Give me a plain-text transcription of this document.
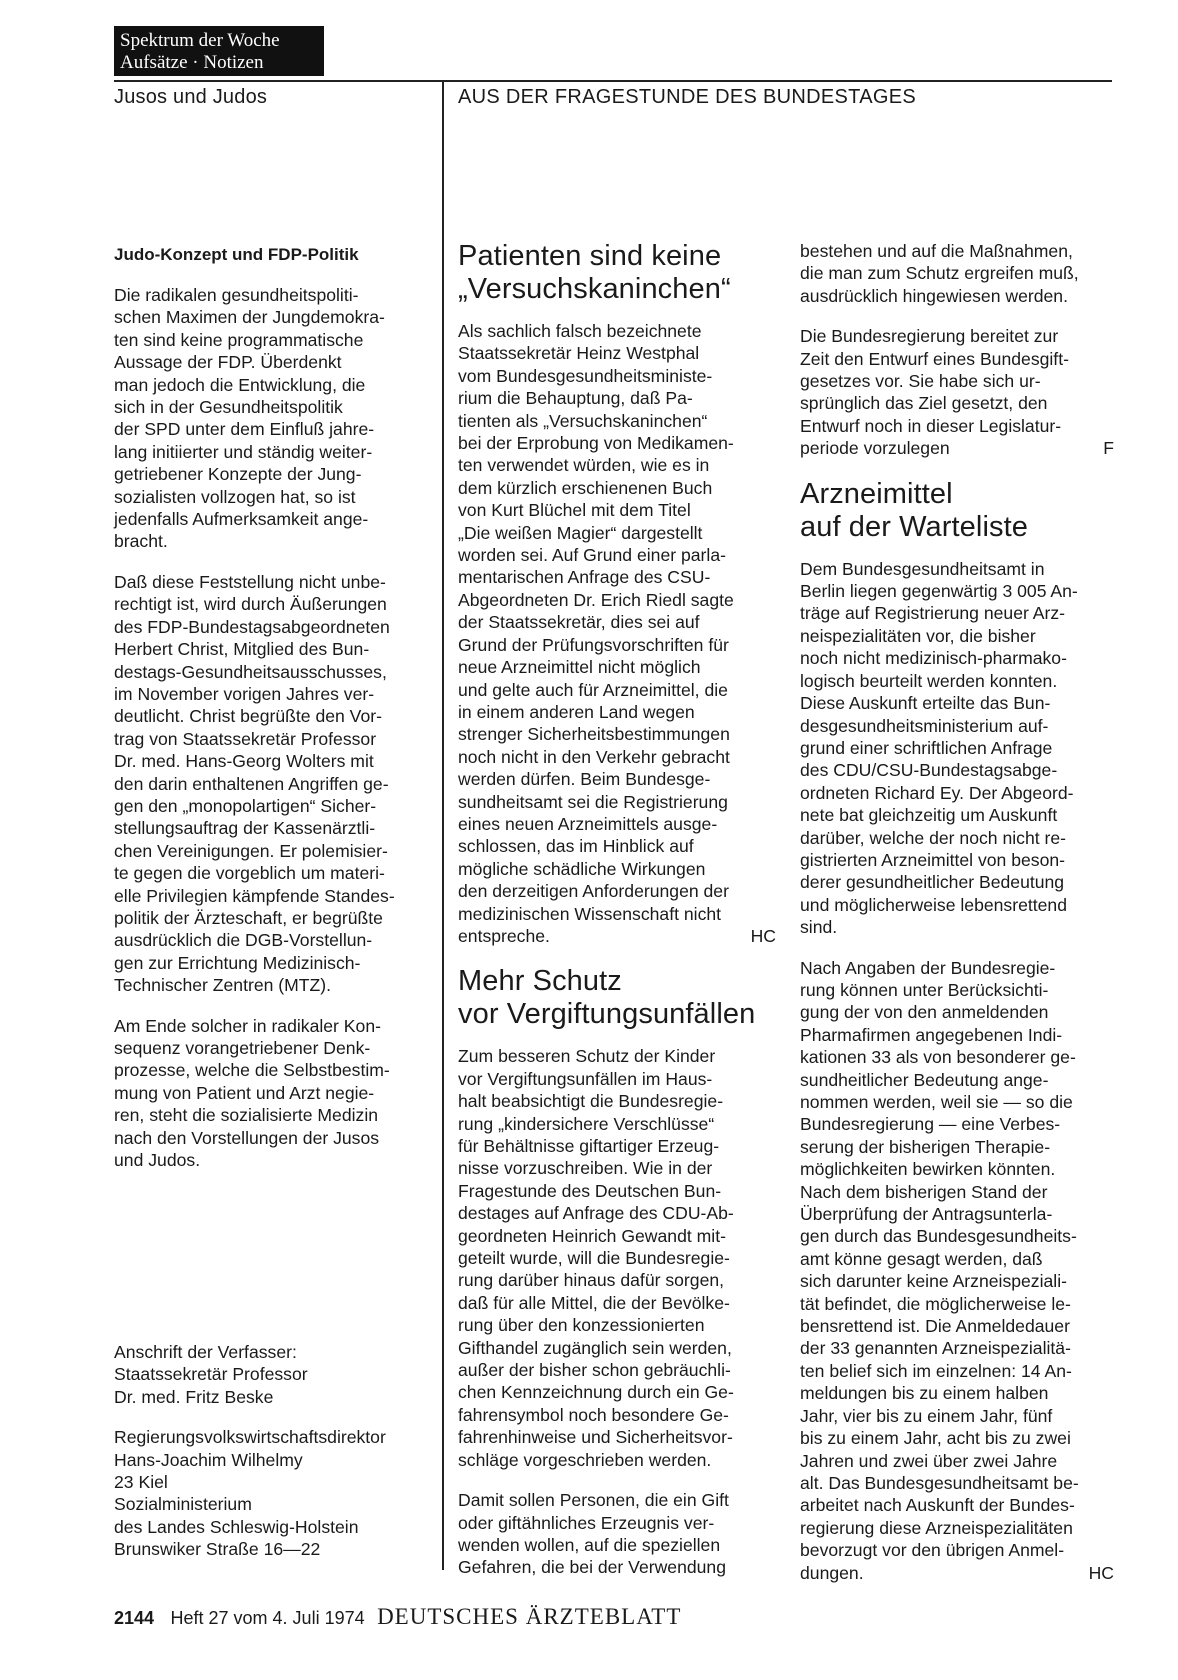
Spektrum der Woche
Aufsätze · Notizen
Jusos und Judos	AUS DER FRAGESTUNDE DES BUNDESTAGES
Judo-Konzept und FDP-Politik

Die radikalen gesundheitspoliti-
schen Maximen der Jungdemokra-
ten sind keine programmatische
Aussage der FDP. Überdenkt
man jedoch die Entwicklung, die
sich in der Gesundheitspolitik
der SPD unter dem Einfluß jahre-
lang initiierter und ständig weiter-
getriebener Konzepte der Jung-
sozialisten vollzogen hat, so ist
jedenfalls Aufmerksamkeit ange-
bracht.

Daß diese Feststellung nicht unbe-
rechtigt ist, wird durch Äußerungen
des FDP-Bundestagsabgeordneten
Herbert Christ, Mitglied des Bun-
destags-Gesundheitsausschusses,
im November vorigen Jahres ver-
deutlicht. Christ begrüßte den Vor-
trag von Staatssekretär Professor
Dr. med. Hans-Georg Wolters mit
den darin enthaltenen Angriffen ge-
gen den „monopolartigen“ Sicher-
stellungsauftrag der Kassenärztli-
chen Vereinigungen. Er polemisier-
te gegen die vorgeblich um materi-
elle Privilegien kämpfende Standes-
politik der Ärzteschaft, er begrüßte
ausdrücklich die DGB-Vorstellun-
gen zur Errichtung Medizinisch-
Technischer Zentren (MTZ).

Am Ende solcher in radikaler Kon-
sequenz vorangetriebener Denk-
prozesse, welche die Selbstbestim-
mung von Patient und Arzt negie-
ren, steht die sozialisierte Medizin
nach den Vorstellungen der Jusos
und Judos.

Anschrift der Verfasser:
Staatssekretär Professor
Dr. med. Fritz Beske

Regierungsvolkswirtschaftsdirektor
Hans-Joachim Wilhelmy
23 Kiel
Sozialministerium
des Landes Schleswig-Holstein
Brunswiker Straße 16—22

Patienten sind keine
„Versuchskaninchen“

Als sachlich falsch bezeichnete
Staatssekretär Heinz Westphal
vom Bundesgesundheitsministe-
rium die Behauptung, daß Pa-
tienten als „Versuchskaninchen“
bei der Erprobung von Medikamen-
ten verwendet würden, wie es in
dem kürzlich erschienenen Buch
von Kurt Blüchel mit dem Titel
„Die weißen Magier“ dargestellt
worden sei. Auf Grund einer parla-
mentarischen Anfrage des CSU-
Abgeordneten Dr. Erich Riedl sagte
der Staatssekretär, dies sei auf
Grund der Prüfungsvorschriften für
neue Arzneimittel nicht möglich
und gelte auch für Arzneimittel, die
in einem anderen Land wegen
strenger Sicherheitsbestimmungen
noch nicht in den Verkehr gebracht
werden dürfen. Beim Bundesge-
sundheitsamt sei die Registrierung
eines neuen Arzneimittels ausge-
schlossen, das im Hinblick auf
mögliche schädliche Wirkungen
den derzeitigen Anforderungen der
medizinischen Wissenschaft nicht
entspreche.	HC

Mehr Schutz
vor Vergiftungsunfällen

Zum besseren Schutz der Kinder
vor Vergiftungsunfällen im Haus-
halt beabsichtigt die Bundesregie-
rung „kindersichere Verschlüsse“
für Behältnisse giftartiger Erzeug-
nisse vorzuschreiben. Wie in der
Fragestunde des Deutschen Bun-
destages auf Anfrage des CDU-Ab-
geordneten Heinrich Gewandt mit-
geteilt wurde, will die Bundesregie-
rung darüber hinaus dafür sorgen,
daß für alle Mittel, die der Bevölke-
rung über den konzessionierten
Gifthandel zugänglich sein werden,
außer der bisher schon gebräuchli-
chen Kennzeichnung durch ein Ge-
fahrensymbol noch besondere Ge-
fahrenhinweise und Sicherheitsvor-
schläge vorgeschrieben werden.

Damit sollen Personen, die ein Gift
oder giftähnliches Erzeugnis ver-
wenden wollen, auf die speziellen
Gefahren, die bei der Verwendung

bestehen und auf die Maßnahmen,
die man zum Schutz ergreifen muß,
ausdrücklich hingewiesen werden.

Die Bundesregierung bereitet zur
Zeit den Entwurf eines Bundesgift-
gesetzes vor. Sie habe sich ur-
sprünglich das Ziel gesetzt, den
Entwurf noch in dieser Legislatur-
periode vorzulegen	F

Arzneimittel
auf der Warteliste

Dem Bundesgesundheitsamt in
Berlin liegen gegenwärtig 3 005 An-
träge auf Registrierung neuer Arz-
neispezialitäten vor, die bisher
noch nicht medizinisch-pharmako-
logisch beurteilt werden konnten.
Diese Auskunft erteilte das Bun-
desgesundheitsministerium auf-
grund einer schriftlichen Anfrage
des CDU/CSU-Bundestagsabge-
ordneten Richard Ey. Der Abgeord-
nete bat gleichzeitig um Auskunft
darüber, welche der noch nicht re-
gistrierten Arzneimittel von beson-
derer gesundheitlicher Bedeutung
und möglicherweise lebensrettend
sind.

Nach Angaben der Bundesregie-
rung können unter Berücksichti-
gung der von den anmeldenden
Pharmafirmen angegebenen Indi-
kationen 33 als von besonderer ge-
sundheitlicher Bedeutung ange-
nommen werden, weil sie — so die
Bundesregierung — eine Verbes-
serung der bisherigen Therapie-
möglichkeiten bewirken könnten.
Nach dem bisherigen Stand der
Überprüfung der Antragsunterla-
gen durch das Bundesgesundheits-
amt könne gesagt werden, daß
sich darunter keine Arzneispeziali-
tät befindet, die möglicherweise le-
bensrettend ist. Die Anmeldedauer
der 33 genannten Arzneispezialitä-
ten belief sich im einzelnen: 14 An-
meldungen bis zu einem halben
Jahr, vier bis zu einem Jahr, fünf
bis zu einem Jahr, acht bis zu zwei
Jahren und zwei über zwei Jahre
alt. Das Bundesgesundheitsamt be-
arbeitet nach Auskunft der Bundes-
regierung diese Arzneispezialitäten
bevorzugt vor den übrigen Anmel-
dungen.	HC

2144 Heft 27 vom 4. Juli 1974 DEUTSCHES ÄRZTEBLATT
